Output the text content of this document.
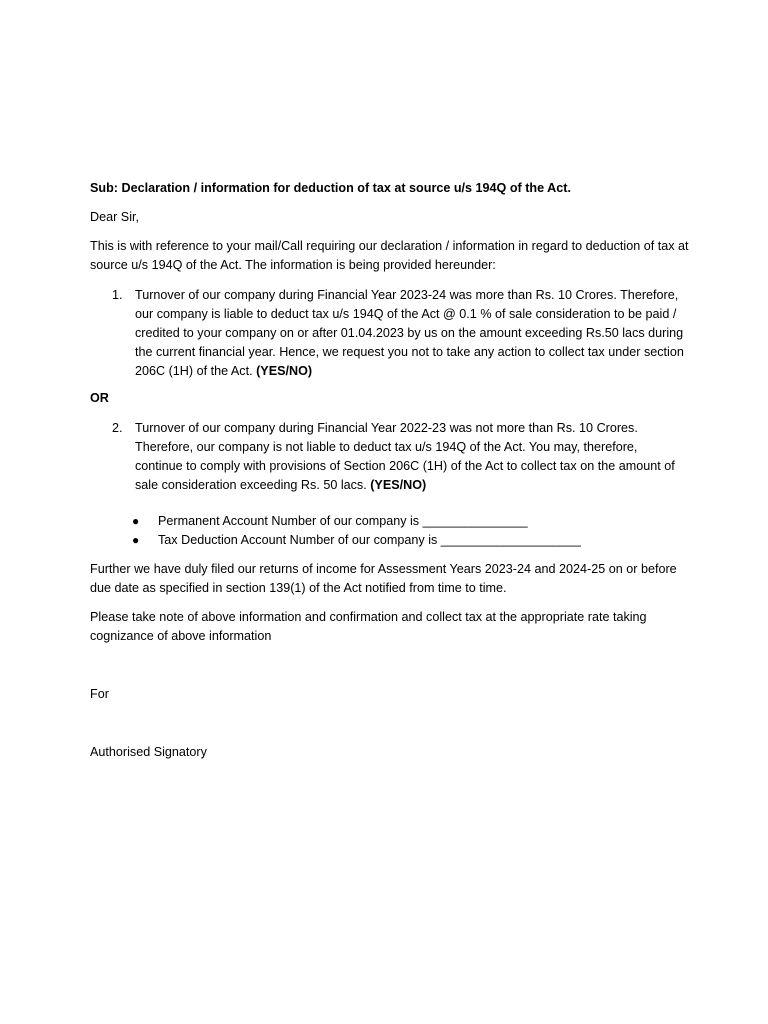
Sub: Declaration / information for deduction of tax at source u/s 194Q of the Act.

Dear Sir,

This is with reference to your mail/Call requiring our declaration / information in regard to deduction of tax at source u/s 194Q of the Act. The information is being provided hereunder:

1. Turnover of our company during Financial Year 2023-24 was more than Rs. 10 Crores. Therefore, our company is liable to deduct tax u/s 194Q of the Act @ 0.1 % of sale consideration to be paid / credited to your company on or after 01.04.2023 by us on the amount exceeding Rs.50 lacs during the current financial year. Hence, we request you not to take any action to collect tax under section 206C (1H) of the Act. (YES/NO)

OR

2. Turnover of our company during Financial Year 2022-23 was not more than Rs. 10 Crores. Therefore, our company is not liable to deduct tax u/s 194Q of the Act. You may, therefore, continue to comply with provisions of Section 206C (1H) of the Act to collect tax on the amount of sale consideration exceeding Rs. 50 lacs. (YES/NO)
● Permanent Account Number of our company is _______________
● Tax Deduction Account Number of our company is ____________________

Further we have duly filed our returns of income for Assessment Years 2023-24 and 2024-25 on or before due date as specified in section 139(1) of the Act notified from time to time.

Please take note of above information and confirmation and collect tax at the appropriate rate taking cognizance of above information

For

Authorised Signatory
